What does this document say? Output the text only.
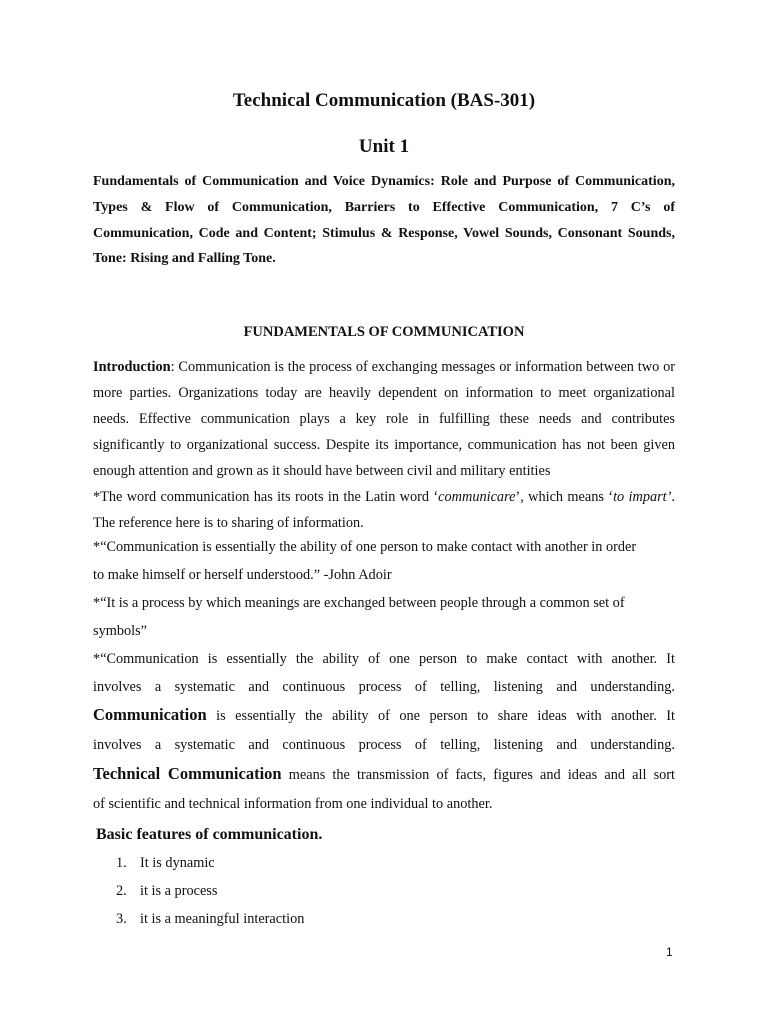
Technical Communication (BAS-301)
Unit 1
Fundamentals of Communication and Voice Dynamics: Role and Purpose of Communication, Types & Flow of Communication, Barriers to Effective Communication, 7 C’s of Communication, Code and Content; Stimulus & Response, Vowel Sounds, Consonant Sounds, Tone: Rising and Falling Tone.
FUNDAMENTALS OF COMMUNICATION
Introduction: Communication is the process of exchanging messages or information between two or more parties. Organizations today are heavily dependent on information to meet organizational needs. Effective communication plays a key role in fulfilling these needs and contributes significantly to organizational success. Despite its importance, communication has not been given enough attention and grown as it should have between civil and military entities
*The word communication has its roots in the Latin word ‘communicare’, which means ‘to impart’. The reference here is to sharing of information.
*“Communication is essentially the ability of one person to make contact with another in order
to make himself or herself understood.” -John Adoir
*“It is a process by which meanings are exchanged between people through a common set of
symbols”
*“Communication is essentially the ability of one person to make contact with another. It
involves a systematic and continuous process of telling, listening and understanding.
Communication is essentially the ability of one person to share ideas with another. It
involves a systematic and continuous process of telling, listening and understanding.
Technical Communication means the transmission of facts, figures and ideas and all sort
of scientific and technical information from one individual to another.
Basic features of communication.
1. It is dynamic
2. it is a process
3. it is a meaningful interaction
1
